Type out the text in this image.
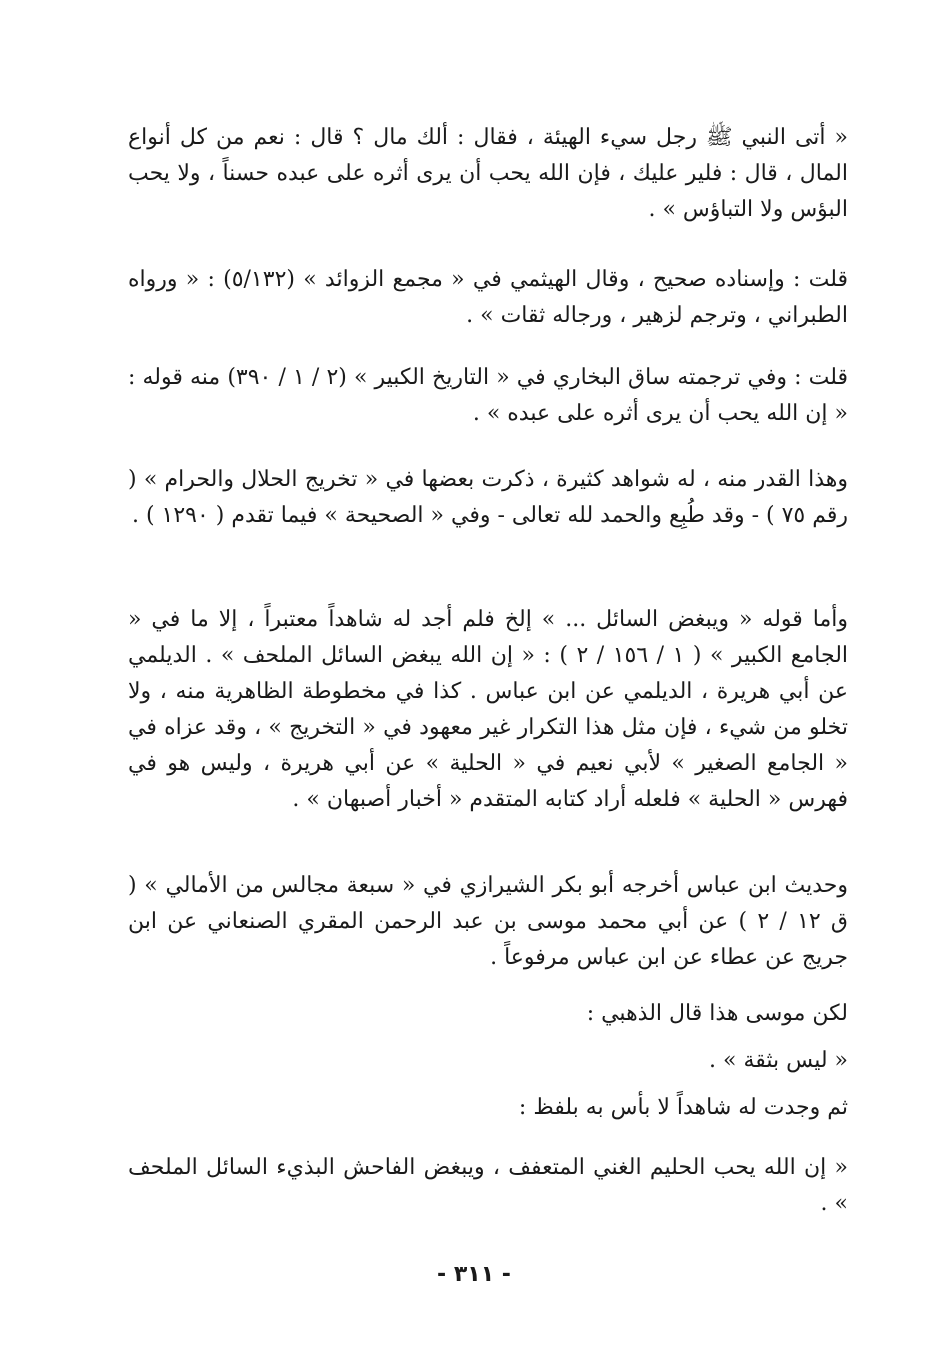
« أتى النبي ﷺ رجل سيء الهيئة ، فقال : ألك مال ؟ قال : نعم من كل أنواع المال ، قال : فلير عليك ، فإن الله يحب أن يرى أثره على عبده حسناً ، ولا يحب البؤس ولا التباؤس » .
قلت : وإسناده صحيح ، وقال الهيثمي في « مجمع الزوائد » (٥/١٣٢) : « ورواه الطبراني ، وترجم لزهير ، ورجاله ثقات » .
قلت : وفي ترجمته ساق البخاري في « التاريخ الكبير » (٢ / ١ / ٣٩٠) منه قوله : « إن الله يحب أن يرى أثره على عبده » .
وهذا القدر منه ، له شواهد كثيرة ، ذكرت بعضها في « تخريج الحلال والحرام » ( رقم ٧٥ ) - وقد طُبِع والحمد لله تعالى - وفي « الصحيحة » فيما تقدم ( ١٢٩٠ ) .
وأما قوله « ويبغض السائل ... » إلخ فلم أجد له شاهداً معتبراً ، إلا ما في « الجامع الكبير » ( ١ / ١٥٦ / ٢ ) : « إن الله يبغض السائل الملحف » . الديلمي عن أبي هريرة ، الديلمي عن ابن عباس . كذا في مخطوطة الظاهرية منه ، ولا تخلو من شيء ، فإن مثل هذا التكرار غير معهود في « التخريج » ، وقد عزاه في « الجامع الصغير » لأبي نعيم في « الحلية » عن أبي هريرة ، وليس هو في فهرس « الحلية » فلعله أراد كتابه المتقدم « أخبار أصبهان » .
وحديث ابن عباس أخرجه أبو بكر الشيرازي في « سبعة مجالس من الأمالي » ( ق ١٢ / ٢ ) عن أبي محمد موسى بن عبد الرحمن المقري الصنعاني عن ابن جريج عن عطاء عن ابن عباس مرفوعاً .
لكن موسى هذا قال الذهبي :
« ليس بثقة » .
ثم وجدت له شاهداً لا بأس به بلفظ :
« إن الله يحب الحليم الغني المتعفف ، ويبغض الفاحش البذيء السائل الملحف » .
- ٣١١ -
